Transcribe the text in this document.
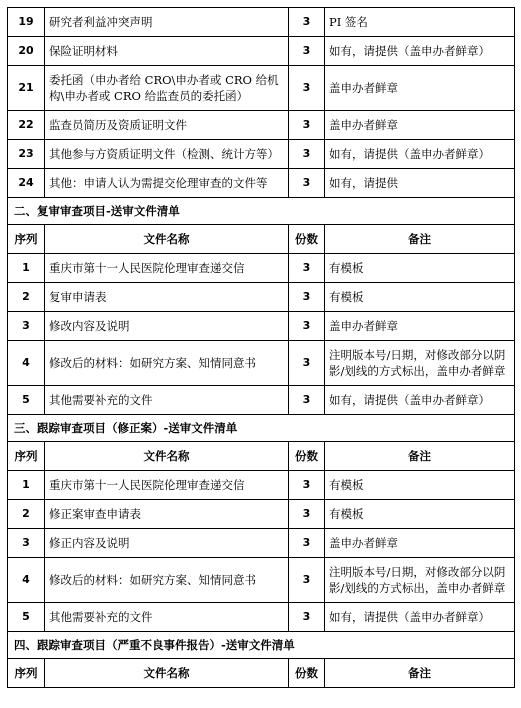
19	研究者利益冲突声明	3	PI 签名
20	保险证明材料	3	如有，请提供（盖申办者鲜章）
21	委托函（申办者给 CRO\申办者或 CRO 给机构\申办者或 CRO 给监查员的委托函）	3	盖申办者鲜章
22	监查员简历及资质证明文件	3	盖申办者鲜章
23	其他参与方资质证明文件（检测、统计方等）	3	如有，请提供（盖申办者鲜章）
24	其他：申请人认为需提交伦理审查的文件等	3	如有，请提供
二、复审审查项目-送审文件清单			
序列	文件名称	份数	备注
1	重庆市第十一人民医院伦理审查递交信	3	有模板
2	复审申请表	3	有模板
3	修改内容及说明	3	盖申办者鲜章
4	修改后的材料：如研究方案、知情同意书	3	注明版本号/日期，对修改部分以阴影/划线的方式标出，盖申办者鲜章
5	其他需要补充的文件	3	如有，请提供（盖申办者鲜章）
三、跟踪审查项目（修正案）-送审文件清单			
序列	文件名称	份数	备注
1	重庆市第十一人民医院伦理审查递交信	3	有模板
2	修正案审查申请表	3	有模板
3	修正内容及说明	3	盖申办者鲜章
4	修改后的材料：如研究方案、知情同意书	3	注明版本号/日期，对修改部分以阴影/划线的方式标出，盖申办者鲜章
5	其他需要补充的文件	3	如有，请提供（盖申办者鲜章）
四、跟踪审查项目（严重不良事件报告）-送审文件清单			
序列	文件名称	份数	备注
